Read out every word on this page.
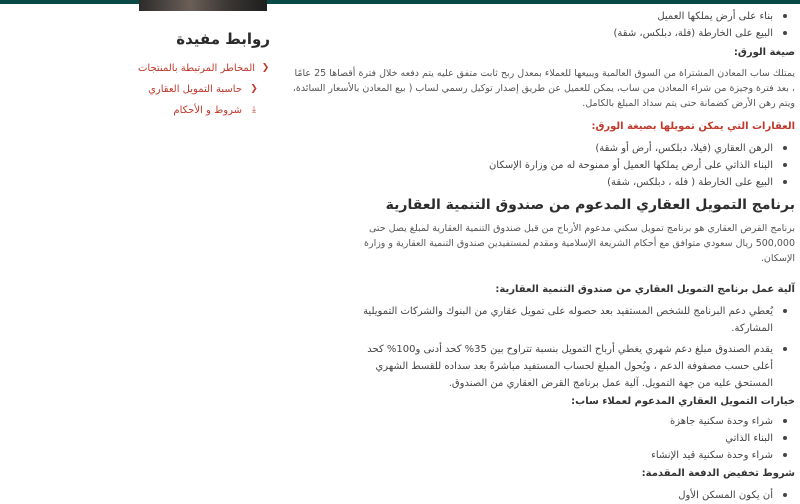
روابط مفيدة
❮
المخاطر المرتبطة بالمنتجات
❮
حاسبة التمويل العقاري
⤓
شروط و الأحكام
بناء على أرض يملكها العميل
البيع على الخارطة (فلة، دبلكس، شقة)

صيغة الورق:

يمتلك ساب المعادن المشتراة من السوق العالمية ويبيعها للعملاء بمعدل ربح ثابت متفق عليه يتم دفعه خلال فترة أقصاها 25 عامًا ، بعد فترة وجيزة من شراء المعادن من ساب، يمكن للعميل عن طريق إصدار توكيل رسمي لساب ( بيع المعادن بالأسعار السائدة، ويتم رهن الأرض كضمانة حتى يتم سداد المبلغ بالكامل.

العقارات التي يمكن تمويلها بصيغة الورق:

الرهن العقاري (فيلا، دبلكس، أرض أو شقة)
البناء الذاتي على أرض يملكها العميل أو ممنوحة له من وزارة الإسكان
البيع على الخارطة ( فله ، دبلكس، شقة)

برنامج التمويل العقاري المدعوم من صندوق التنمية العقارية

برنامج القرض العقاري هو برنامج تمويل سكني مدعوم الأرباح من قبل صندوق التنمية العقارية لمبلغ يصل حتى 500,000 ريال سعودي متوافق مع أحكام الشريعة الإسلامية ومقدم لمستفيدين صندوق التنمية العقارية و وزارة الإسكان.

آلية عمل برنامج التمويل العقاري من صندوق التنمية العقارية:

يُعطي دعم البرنامج للشخص المستفيد بعد حصوله على تمويل عقاري من البنوك والشركات التمويلية المشاركة.
يقدم الصندوق مبلغ دعم شهري يغطي أرباح التمويل بنسبة تتراوح بين 35% كحد أدنى و100% كحد أعلى حسب مصفوفة الدعم ، ويُحول المبلغ لحساب المستفيد مباشرةً بعد سداده للقسط الشهري المستحق عليه من جهة التمويل. آلية عمل برنامج القرض العقاري من الصندوق.

خيارات التمويل العقاري المدعوم لعملاء ساب:

شراء وحدة سكنية جاهزة
البناء الذاتي
شراء وحدة سكنية قيد الإنشاء

شروط تخفيض الدفعة المقدمة:

أن يكون المسكن الأول
